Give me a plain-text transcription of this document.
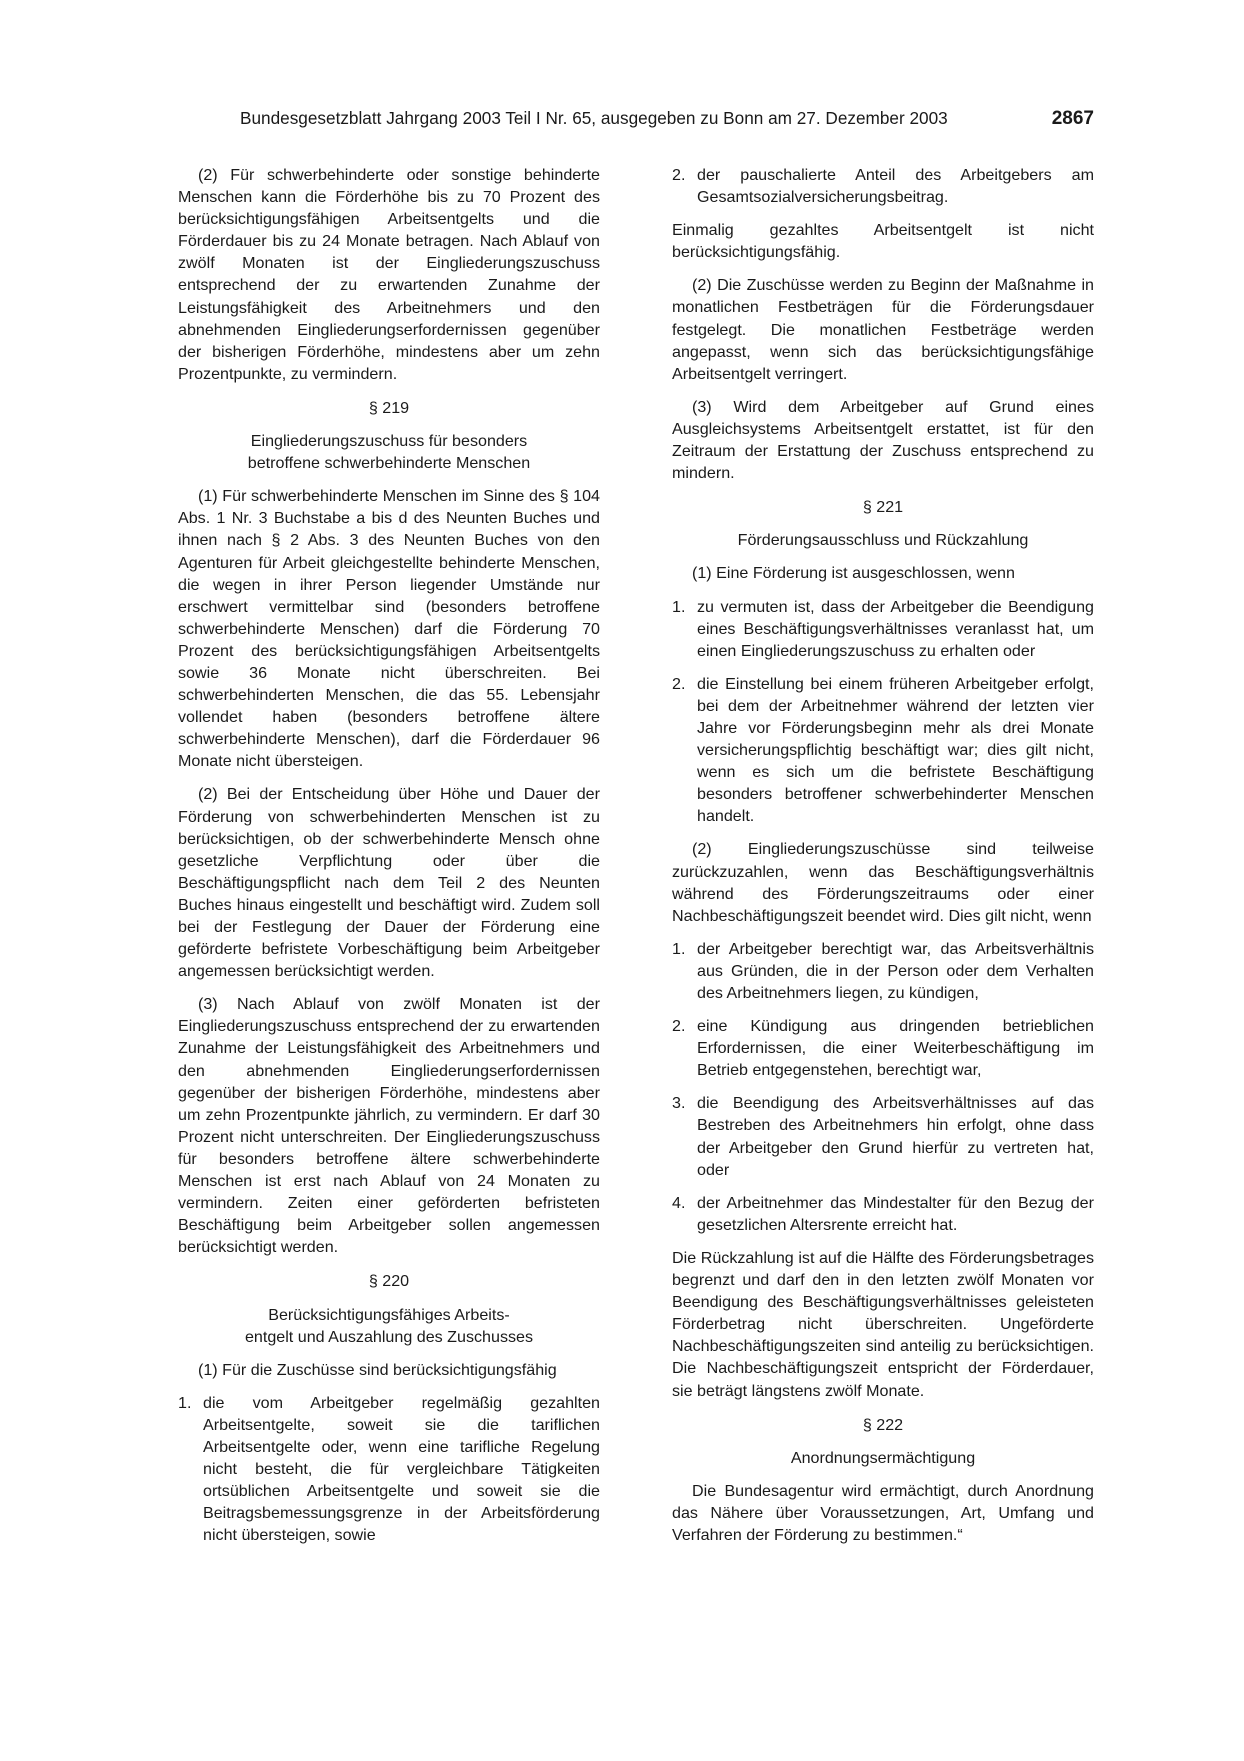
Bundesgesetzblatt Jahrgang 2003 Teil I Nr. 65, ausgegeben zu Bonn am 27. Dezember 2003	2867

(2) Für schwerbehinderte oder sonstige behinderte Menschen kann die Förderhöhe bis zu 70 Prozent des berücksichtigungsfähigen Arbeitsentgelts und die Förderdauer bis zu 24 Monate betragen. Nach Ablauf von zwölf Monaten ist der Eingliederungszuschuss entsprechend der zu erwartenden Zunahme der Leistungsfähigkeit des Arbeitnehmers und den abnehmenden Eingliederungserfordernissen gegenüber der bisherigen Förderhöhe, mindestens aber um zehn Prozentpunkte, zu vermindern.

§ 219
Eingliederungszuschuss für besonders
betroffene schwerbehinderte Menschen

(1) Für schwerbehinderte Menschen im Sinne des § 104 Abs. 1 Nr. 3 Buchstabe a bis d des Neunten Buches und ihnen nach § 2 Abs. 3 des Neunten Buches von den Agenturen für Arbeit gleichgestellte behinderte Menschen, die wegen in ihrer Person liegender Umstände nur erschwert vermittelbar sind (besonders betroffene schwerbehinderte Menschen) darf die Förderung 70 Prozent des berücksichtigungsfähigen Arbeitsentgelts sowie 36 Monate nicht überschreiten. Bei schwerbehinderten Menschen, die das 55. Lebensjahr vollendet haben (besonders betroffene ältere schwerbehinderte Menschen), darf die Förderdauer 96 Monate nicht übersteigen.

(2) Bei der Entscheidung über Höhe und Dauer der Förderung von schwerbehinderten Menschen ist zu berücksichtigen, ob der schwerbehinderte Mensch ohne gesetzliche Verpflichtung oder über die Beschäftigungspflicht nach dem Teil 2 des Neunten Buches hinaus eingestellt und beschäftigt wird. Zudem soll bei der Festlegung der Dauer der Förderung eine geförderte befristete Vorbeschäftigung beim Arbeitgeber angemessen berücksichtigt werden.

(3) Nach Ablauf von zwölf Monaten ist der Eingliederungszuschuss entsprechend der zu erwartenden Zunahme der Leistungsfähigkeit des Arbeitnehmers und den abnehmenden Eingliederungserfordernissen gegenüber der bisherigen Förderhöhe, mindestens aber um zehn Prozentpunkte jährlich, zu vermindern. Er darf 30 Prozent nicht unterschreiten. Der Eingliederungszuschuss für besonders betroffene ältere schwerbehinderte Menschen ist erst nach Ablauf von 24 Monaten zu vermindern. Zeiten einer geförderten befristeten Beschäftigung beim Arbeitgeber sollen angemessen berücksichtigt werden.

§ 220
Berücksichtigungsfähiges Arbeits-
entgelt und Auszahlung des Zuschusses

(1) Für die Zuschüsse sind berücksichtigungsfähig

1. die vom Arbeitgeber regelmäßig gezahlten Arbeitsentgelte, soweit sie die tariflichen Arbeitsentgelte oder, wenn eine tarifliche Regelung nicht besteht, die für vergleichbare Tätigkeiten ortsüblichen Arbeitsentgelte und soweit sie die Beitragsbemessungsgrenze in der Arbeitsförderung nicht übersteigen, sowie
2. der pauschalierte Anteil des Arbeitgebers am Gesamtsozialversicherungsbeitrag.

Einmalig gezahltes Arbeitsentgelt ist nicht berücksichtigungsfähig.

(2) Die Zuschüsse werden zu Beginn der Maßnahme in monatlichen Festbeträgen für die Förderungsdauer festgelegt. Die monatlichen Festbeträge werden angepasst, wenn sich das berücksichtigungsfähige Arbeitsentgelt verringert.

(3) Wird dem Arbeitgeber auf Grund eines Ausgleichsystems Arbeitsentgelt erstattet, ist für den Zeitraum der Erstattung der Zuschuss entsprechend zu mindern.

§ 221
Förderungsausschluss und Rückzahlung

(1) Eine Förderung ist ausgeschlossen, wenn

1. zu vermuten ist, dass der Arbeitgeber die Beendigung eines Beschäftigungsverhältnisses veranlasst hat, um einen Eingliederungszuschuss zu erhalten oder
2. die Einstellung bei einem früheren Arbeitgeber erfolgt, bei dem der Arbeitnehmer während der letzten vier Jahre vor Förderungsbeginn mehr als drei Monate versicherungspflichtig beschäftigt war; dies gilt nicht, wenn es sich um die befristete Beschäftigung besonders betroffener schwerbehinderter Menschen handelt.

(2) Eingliederungszuschüsse sind teilweise zurückzuzahlen, wenn das Beschäftigungsverhältnis während des Förderungszeitraums oder einer Nachbeschäftigungszeit beendet wird. Dies gilt nicht, wenn

1. der Arbeitgeber berechtigt war, das Arbeitsverhältnis aus Gründen, die in der Person oder dem Verhalten des Arbeitnehmers liegen, zu kündigen,
2. eine Kündigung aus dringenden betrieblichen Erfordernissen, die einer Weiterbeschäftigung im Betrieb entgegenstehen, berechtigt war,
3. die Beendigung des Arbeitsverhältnisses auf das Bestreben des Arbeitnehmers hin erfolgt, ohne dass der Arbeitgeber den Grund hierfür zu vertreten hat, oder
4. der Arbeitnehmer das Mindestalter für den Bezug der gesetzlichen Altersrente erreicht hat.

Die Rückzahlung ist auf die Hälfte des Förderungsbetrages begrenzt und darf den in den letzten zwölf Monaten vor Beendigung des Beschäftigungsverhältnisses geleisteten Förderbetrag nicht überschreiten. Ungeförderte Nachbeschäftigungszeiten sind anteilig zu berücksichtigen. Die Nachbeschäftigungszeit entspricht der Förderdauer, sie beträgt längstens zwölf Monate.

§ 222
Anordnungsermächtigung

Die Bundesagentur wird ermächtigt, durch Anordnung das Nähere über Voraussetzungen, Art, Umfang und Verfahren der Förderung zu bestimmen.“
